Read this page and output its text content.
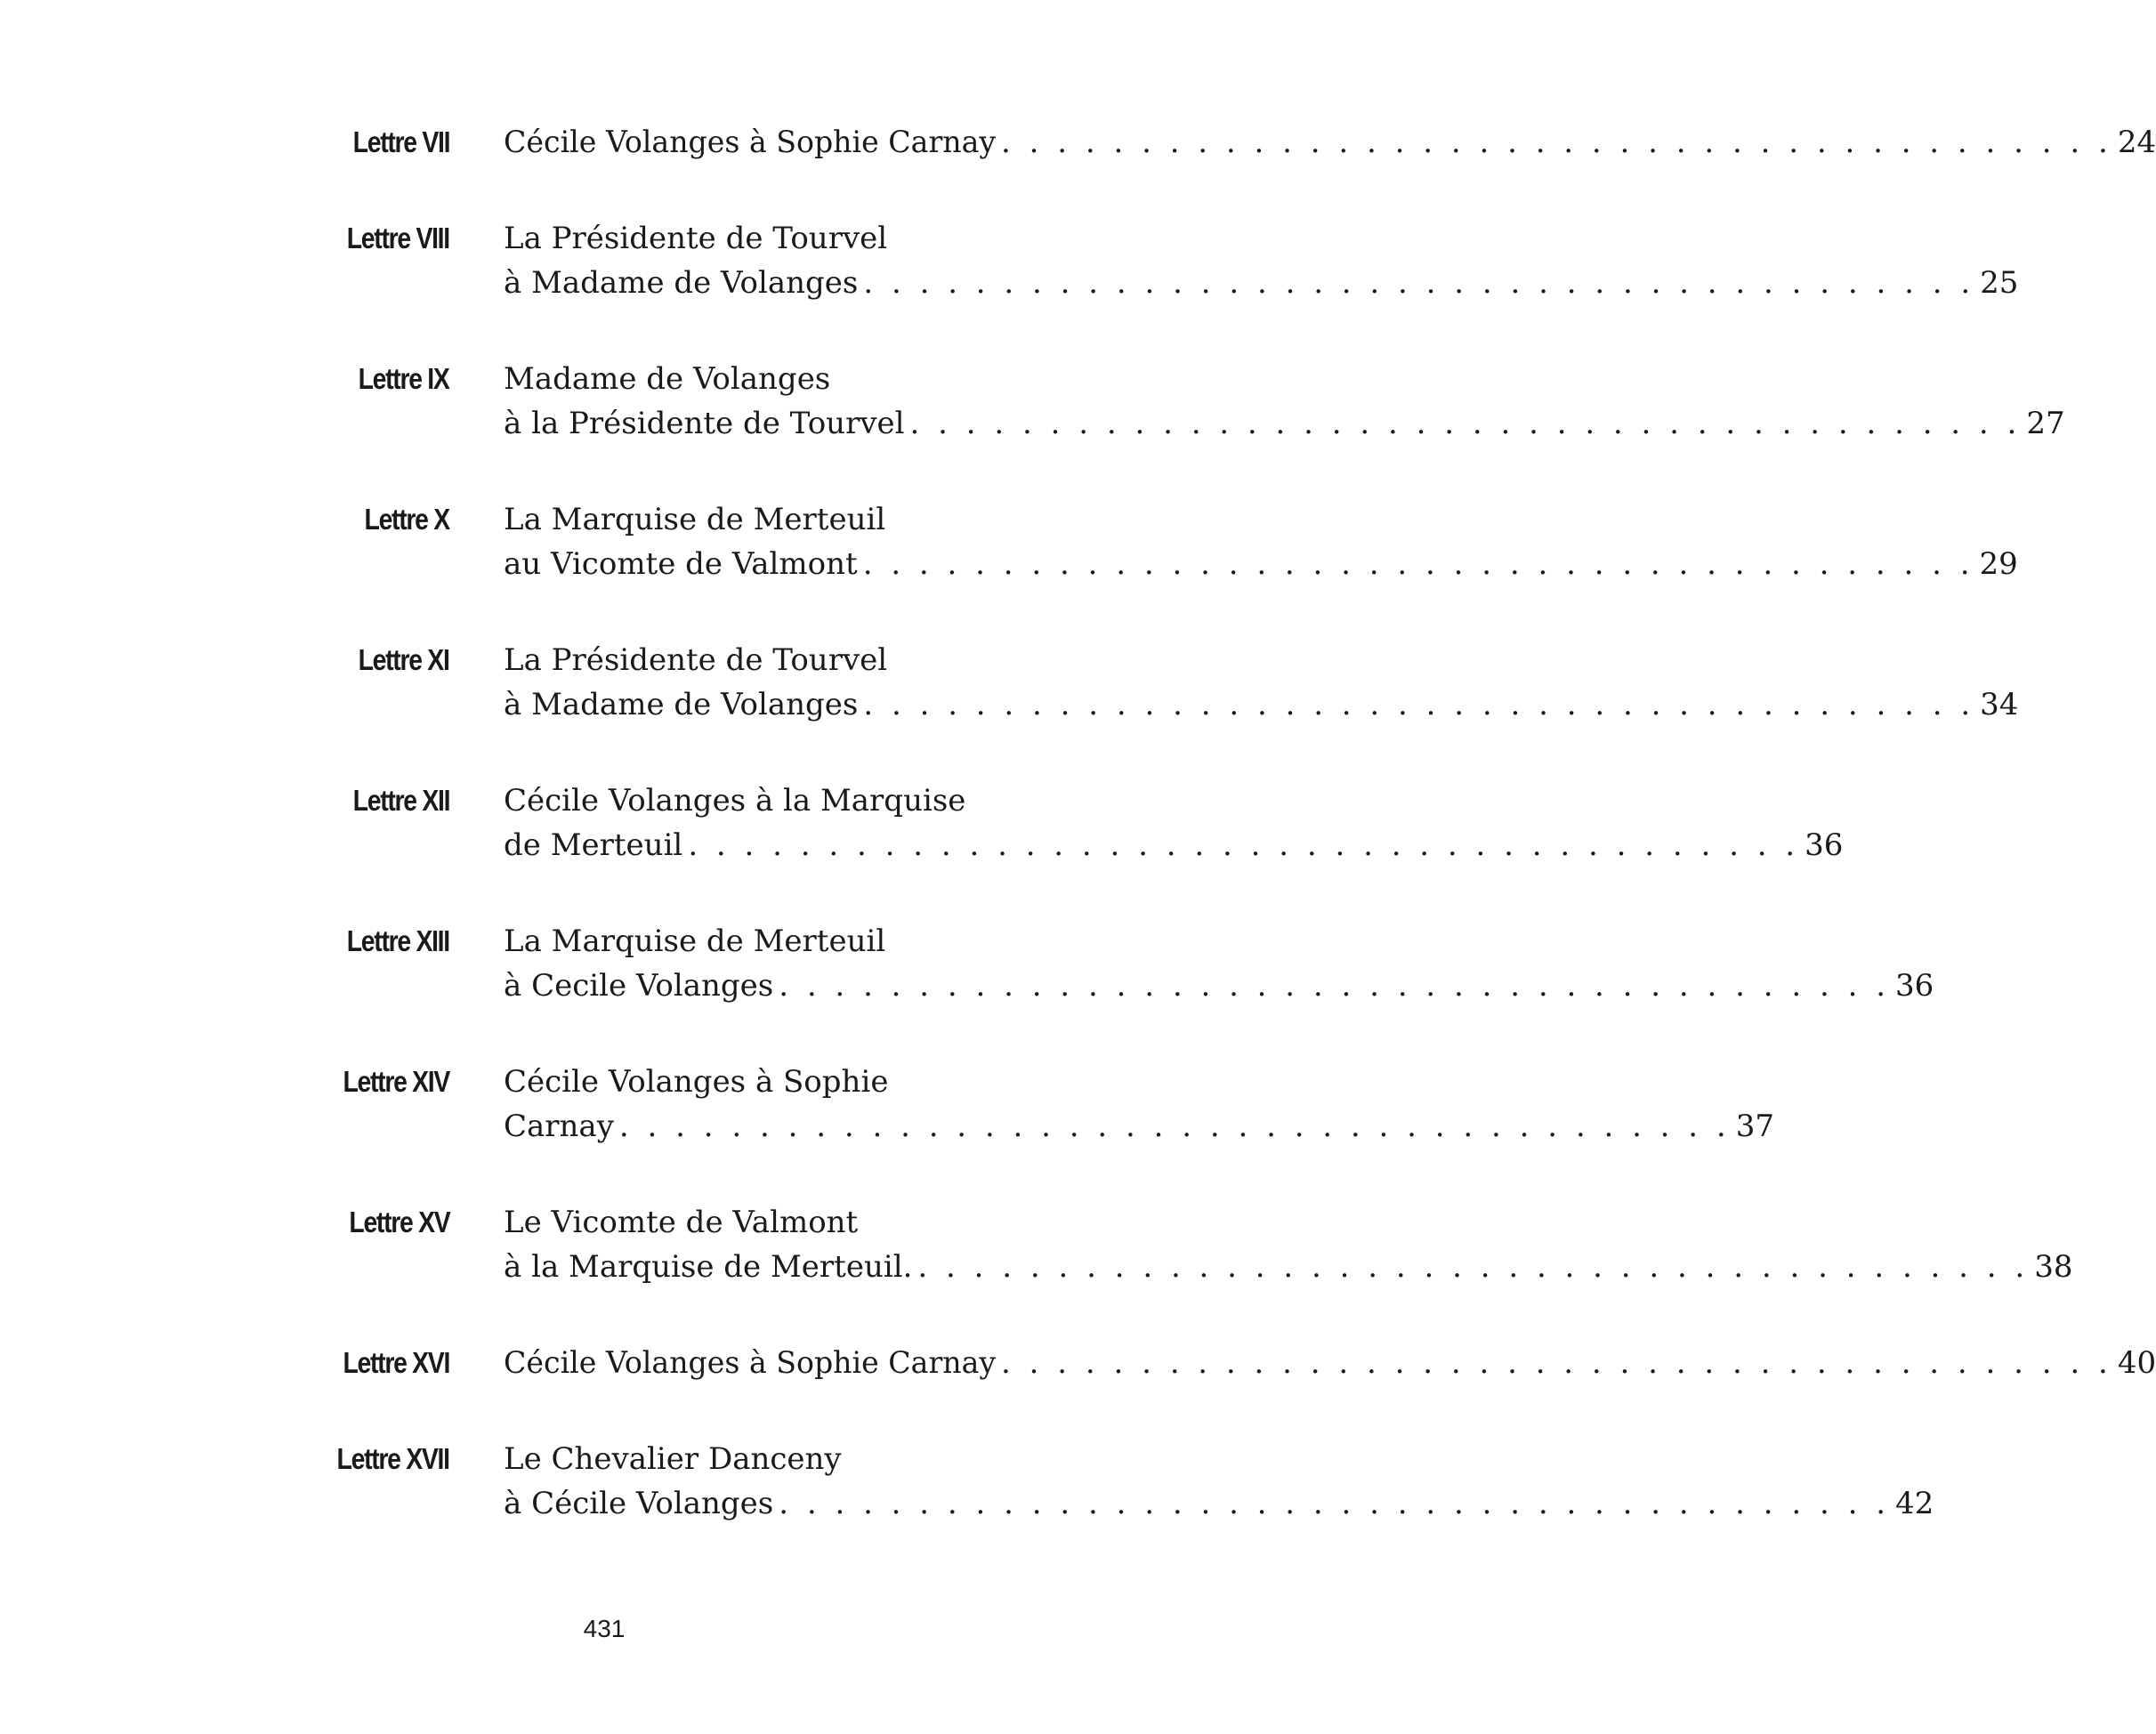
Lettre VII Cécile Volanges à Sophie Carnay . . . . . . . . . . . . . . . . . . . . . . . . . . . . . . . . . . . . . . . . 24
Lettre VIII La Présidente de Tourvel
à Madame de Volanges . . . . . . . . . . . . . . . . . . . . . . . . . . . . . . . . . . . . . . . . 25
Lettre IX Madame de Volanges
à la Présidente de Tourvel . . . . . . . . . . . . . . . . . . . . . . . . . . . . . . . . . . . . . . . . 27
Lettre X La Marquise de Merteuil
au Vicomte de Valmont . . . . . . . . . . . . . . . . . . . . . . . . . . . . . . . . . . . . . . . . 29
Lettre XI La Présidente de Tourvel
à Madame de Volanges . . . . . . . . . . . . . . . . . . . . . . . . . . . . . . . . . . . . . . . . 34
Lettre XII Cécile Volanges à la Marquise
de Merteuil . . . . . . . . . . . . . . . . . . . . . . . . . . . . . . . . . . . . . . . . 36
Lettre XIII La Marquise de Merteuil
à Cecile Volanges . . . . . . . . . . . . . . . . . . . . . . . . . . . . . . . . . . . . . . . . 36
Lettre XIV Cécile Volanges à Sophie
Carnay . . . . . . . . . . . . . . . . . . . . . . . . . . . . . . . . . . . . . . . . 37
Lettre XV Le Vicomte de Valmont
à la Marquise de Merteuil. . . . . . . . . . . . . . . . . . . . . . . . . . . . . . . . . . . . . . . . . 38
Lettre XVI Cécile Volanges à Sophie Carnay . . . . . . . . . . . . . . . . . . . . . . . . . . . . . . . . . . . . . . . . 40
Lettre XVII Le Chevalier Danceny
à Cécile Volanges . . . . . . . . . . . . . . . . . . . . . . . . . . . . . . . . . . . . . . . . 42
431
